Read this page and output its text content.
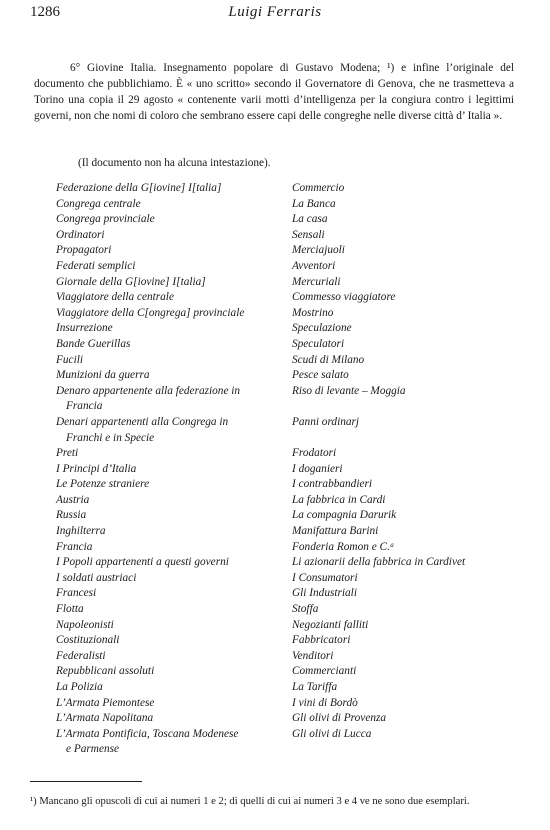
1286	Luigi Ferraris
6° Giovine Italia. Insegnamento popolare di Gustavo Modena; ¹) e infine l’originale del documento che pubblichiamo. È « uno scritto» secondo il Governatore di Genova, che ne trasmetteva a Torino una copia il 29 agosto « contenente varii motti d’intelligenza per la congiura contro i legittimi governi, non che nomi di coloro che sembrano essere capi delle congreghe nelle diverse città d’ Italia ».
(Il documento non ha alcuna intestazione).
Federazione della G[iovine] I[talia]	Commercio
Congrega centrale	La Banca
Congrega provinciale	La casa
Ordinatori	Sensali
Propagatori	Merciajuoli
Federati semplici	Avventori
Giornale della G[iovine] I[talia]	Mercuriali
Viaggiatore della centrale	Commesso viaggiatore
Viaggiatore della C[ongrega] provinciale	Mostrino
Insurrezione	Speculazione
Bande Guerillas	Speculatori
Fucili	Scudi di Milano
Munizioni da guerra	Pesce salato
Denaro appartenente alla federazione in	Riso di levante – Moggia
Francia
Denari appartenenti alla Congrega in	Panni ordinarj
Franchi e in Specie
Preti	Frodatori
I Principi d’Italia	I doganieri
Le Potenze straniere	I contrabbandieri
Austria	La fabbrica in Cardi
Russia	La compagnia Darurik
Inghilterra	Manifattura Barini
Francia	Fonderia Romon e C.ᵃ
I Popoli appartenenti a questi governi	Li azionarii della fabbrica in Cardivet
I soldati austriaci	I Consumatori
Francesi	Gli Industriali
Flotta	Stoffa
Napoleonisti	Negozianti falliti
Costituzionali	Fabbricatori
Federalisti	Venditori
Repubblicani assoluti	Commercianti
La Polizia	La Tariffa
L’Armata Piemontese	I vini di Bordò
L’Armata Napolitana	Gli olivi di Provenza
L’Armata Pontificia, Toscana Modenese	Gli olivi di Lucca
e Parmense
¹) Mancano gli opuscoli di cui ai numeri 1 e 2; di quelli di cui ai numeri 3 e 4 ve ne sono due esemplari.
